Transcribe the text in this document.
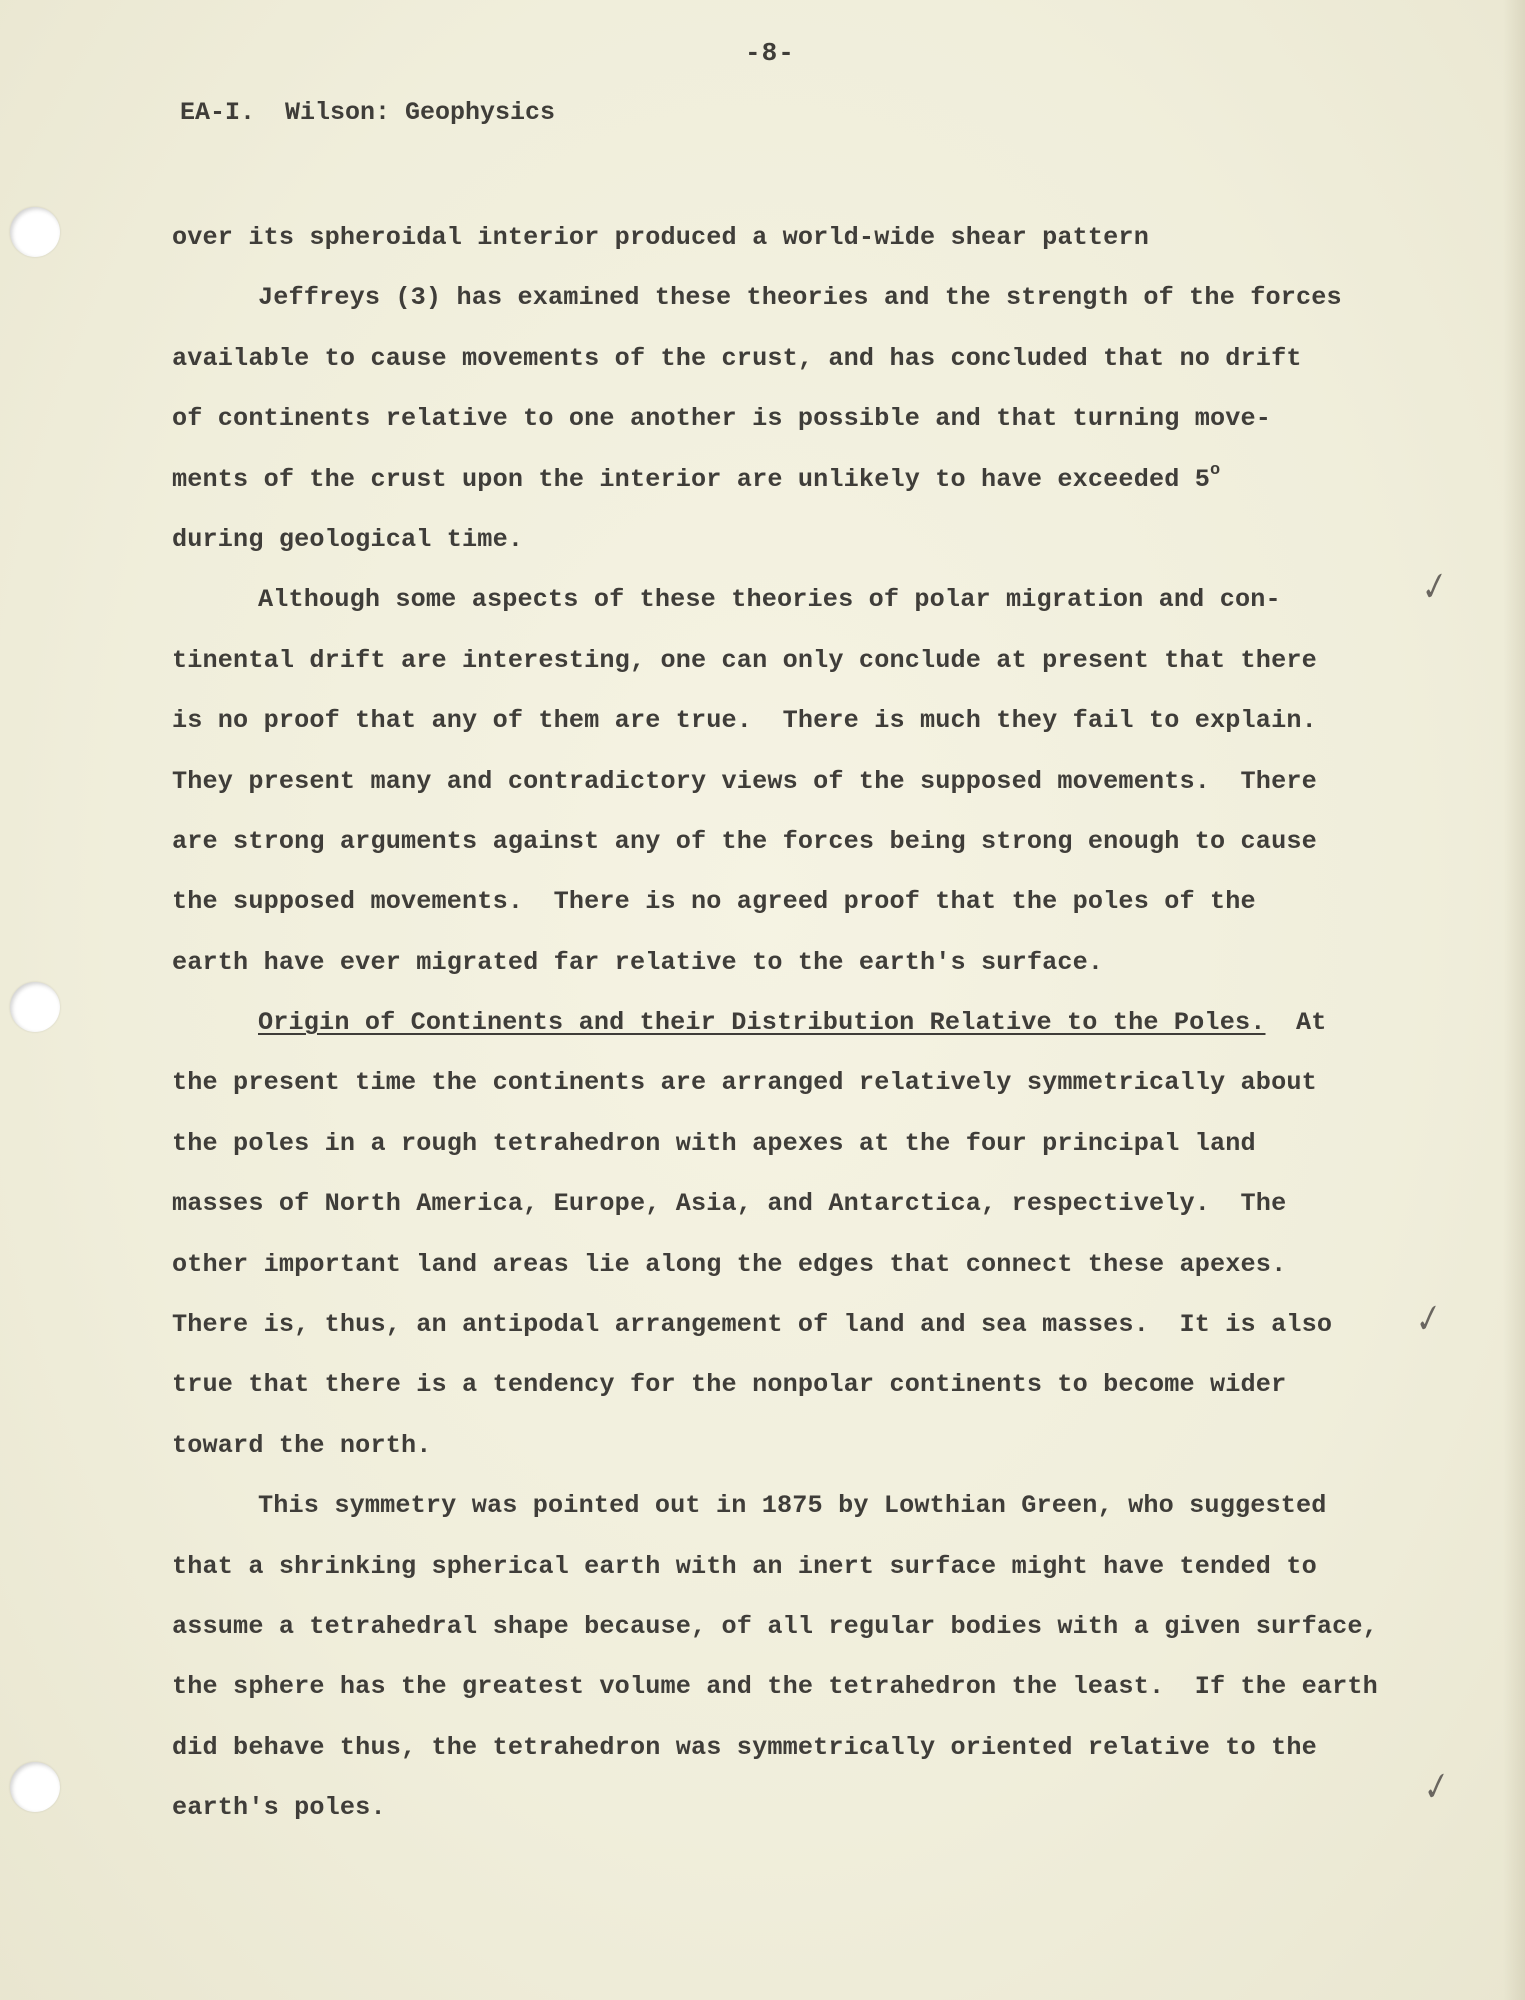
-8-
EA-I.  Wilson: Geophysics
over its spheroidal interior produced a world-wide shear pattern
Jeffreys (3) has examined these theories and the strength of the forces
available to cause movements of the crust, and has concluded that no drift
of continents relative to one another is possible and that turning move-
ments of the crust upon the interior are unlikely to have exceeded 5$^o$
during geological time.
Although some aspects of these theories of polar migration and con-
tinental drift are interesting, one can only conclude at present that there
is no proof that any of them are true.  There is much they fail to explain.
They present many and contradictory views of the supposed movements.  There
are strong arguments against any of the forces being strong enough to cause
the supposed movements.  There is no agreed proof that the poles of the
earth have ever migrated far relative to the earth's surface.
Origin of Continents and their Distribution Relative to the Poles.  At
the present time the continents are arranged relatively symmetrically about
the poles in a rough tetrahedron with apexes at the four principal land
masses of North America, Europe, Asia, and Antarctica, respectively.  The
other important land areas lie along the edges that connect these apexes.
There is, thus, an antipodal arrangement of land and sea masses.  It is also
true that there is a tendency for the nonpolar continents to become wider
toward the north.
This symmetry was pointed out in 1875 by Lowthian Green, who suggested
that a shrinking spherical earth with an inert surface might have tended to
assume a tetrahedral shape because, of all regular bodies with a given surface,
the sphere has the greatest volume and the tetrahedron the least.  If the earth
did behave thus, the tetrahedron was symmetrically oriented relative to the
earth's poles.
✓
✓
✓
